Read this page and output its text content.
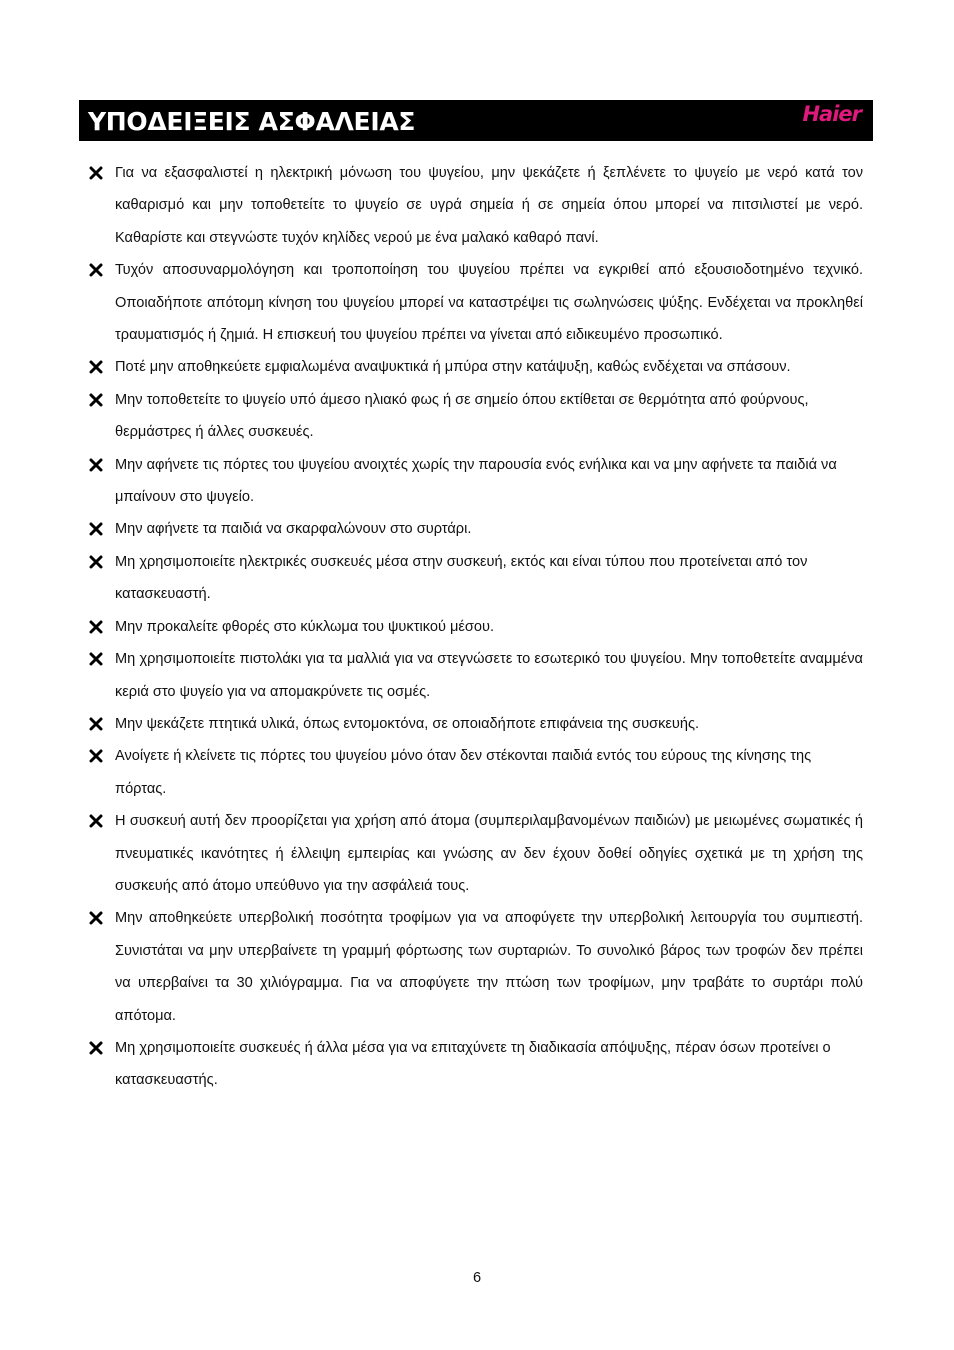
ΥΠΟΔΕΙΞΕΙΣ ΑΣΦΑΛΕΙΑΣ	Haier
Για να εξασφαλιστεί η ηλεκτρική μόνωση του ψυγείου, μην ψεκάζετε ή ξεπλένετε το ψυγείο με νερό κατά τον καθαρισμό και μην τοποθετείτε το ψυγείο σε υγρά σημεία ή σε σημεία όπου μπορεί να πιτσιλιστεί με νερό. Καθαρίστε και στεγνώστε τυχόν κηλίδες νερού με ένα μαλακό καθαρό πανί.
Τυχόν αποσυναρμολόγηση και τροποποίηση του ψυγείου πρέπει να εγκριθεί από εξουσιοδοτημένο τεχνικό. Οποιαδήποτε απότομη κίνηση του ψυγείου μπορεί να καταστρέψει τις σωληνώσεις ψύξης. Ενδέχεται να προκληθεί τραυματισμός ή ζημιά. Η επισκευή του ψυγείου πρέπει να γίνεται από ειδικευμένο προσωπικό.
Ποτέ μην αποθηκεύετε εμφιαλωμένα αναψυκτικά ή μπύρα στην κατάψυξη, καθώς ενδέχεται να σπάσουν.
Μην τοποθετείτε το ψυγείο υπό άμεσο ηλιακό φως ή σε σημείο όπου εκτίθεται σε θερμότητα από φούρνους, θερμάστρες ή άλλες συσκευές.
Μην αφήνετε τις πόρτες του ψυγείου ανοιχτές χωρίς την παρουσία ενός ενήλικα και να μην αφήνετε τα παιδιά να μπαίνουν στο ψυγείο.
Μην αφήνετε τα παιδιά να σκαρφαλώνουν στο συρτάρι.
Μη χρησιμοποιείτε ηλεκτρικές συσκευές μέσα στην συσκευή, εκτός και είναι τύπου που προτείνεται από τον κατασκευαστή.
Μην προκαλείτε φθορές στο κύκλωμα του ψυκτικού μέσου.
Μη χρησιμοποιείτε πιστολάκι για τα μαλλιά για να στεγνώσετε το εσωτερικό του ψυγείου. Μην τοποθετείτε αναμμένα κεριά στο ψυγείο για να απομακρύνετε τις οσμές.
Μην ψεκάζετε πτητικά υλικά, όπως εντομοκτόνα, σε οποιαδήποτε επιφάνεια της συσκευής.
Ανοίγετε ή κλείνετε τις πόρτες του ψυγείου μόνο όταν δεν στέκονται παιδιά εντός του εύρους της κίνησης της πόρτας.
Η συσκευή αυτή δεν προορίζεται για χρήση από άτομα (συμπεριλαμβανομένων παιδιών) με μειωμένες σωματικές ή πνευματικές ικανότητες ή έλλειψη εμπειρίας και γνώσης αν δεν έχουν δοθεί οδηγίες σχετικά με τη χρήση της συσκευής από άτομο υπεύθυνο για την ασφάλειά τους.
Μην αποθηκεύετε υπερβολική ποσότητα τροφίμων για να αποφύγετε την υπερβολική λειτουργία του συμπιεστή. Συνιστάται να μην υπερβαίνετε τη γραμμή φόρτωσης των συρταριών. Το συνολικό βάρος των τροφών δεν πρέπει να υπερβαίνει τα 30 χιλιόγραμμα. Για να αποφύγετε την πτώση των τροφίμων, μην τραβάτε το συρτάρι πολύ απότομα.
Μη χρησιμοποιείτε συσκευές ή άλλα μέσα για να επιταχύνετε τη διαδικασία απόψυξης, πέραν όσων προτείνει ο κατασκευαστής.
6
